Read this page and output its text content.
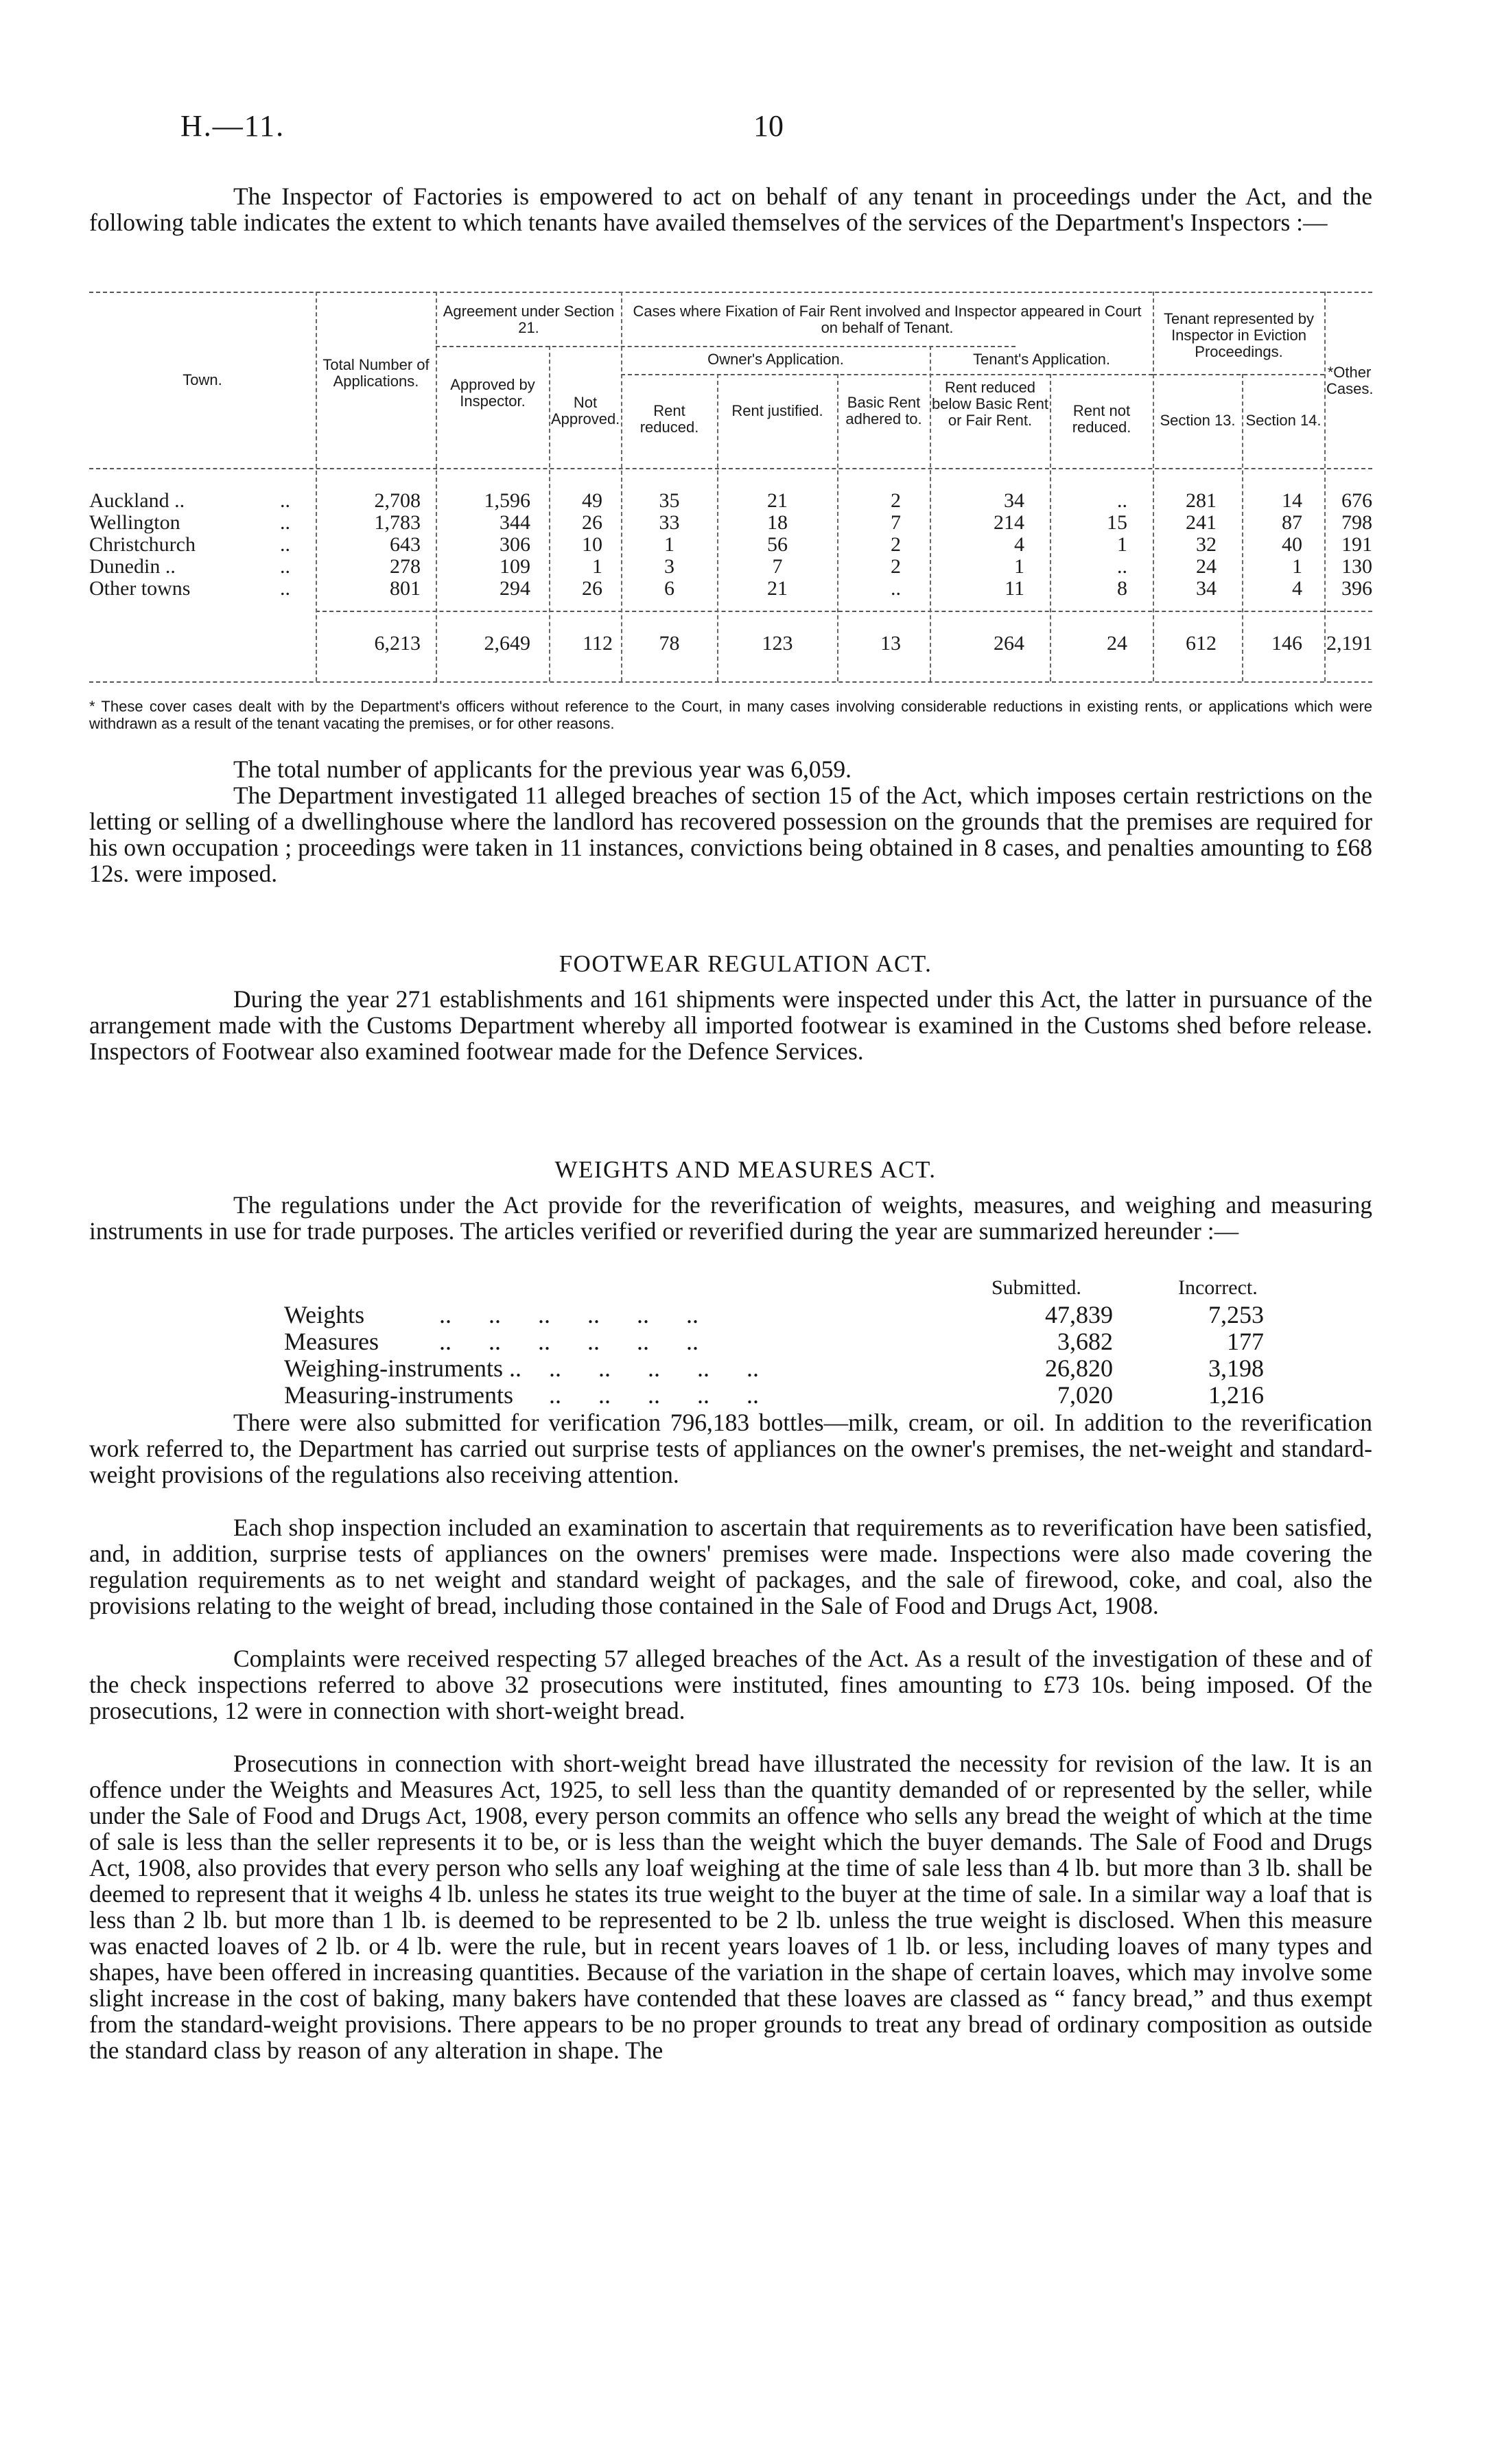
H.—11.	10

The Inspector of Factories is empowered to act on behalf of any tenant in proceedings under the Act, and the following table indicates the extent to which tenants have availed themselves of the services of the Department's Inspectors :—

Town.
Total Number of Applications.
Agreement under Section 21.
Approved by Inspector.	Not Approved.
Cases where Fixation of Fair Rent involved and Inspector appeared in Court on behalf of Tenant.
Owner's Application.	Tenant's Application.
Rent reduced.
Rent justified.	Basic Rent adhered to.
Rent reduced below Basic Rent or Fair Rent.
Rent not reduced.
Tenant represented by Inspector in Eviction Proceedings.
Section 13. Section 14.
*Other Cases.
Auckland ..	..	2,708	1,596	49	35	21	2	34	..	281	14	676
Wellington	..	1,783	344	26	33	18	7	214	15	241	87	798
Christchurch	..	643	306	10	1	56	2	4	1	32	40	191
Dunedin ..	..	278	109	1	3	7	2	1	..	24	1	130
Other towns	..	801	294	26	6	21	..	11	8	34	4	396
6,213	2,649	112	78	123	13	264	24	612	146 2,191

* These cover cases dealt with by the Department's officers without reference to the Court, in many cases involving considerable reductions in existing rents, or applications which were withdrawn as a result of the tenant vacating the premises, or for other reasons.

The total number of applicants for the previous year was 6,059.

The Department investigated 11 alleged breaches of section 15 of the Act, which imposes certain restrictions on the letting or selling of a dwellinghouse where the landlord has recovered possession on the grounds that the premises are required for his own occupation ; proceedings were taken in 11 instances, convictions being obtained in 8 cases, and penalties amounting to £68 12s. were imposed.

FOOTWEAR REGULATION ACT.

During the year 271 establishments and 161 shipments were inspected under this Act, the latter in pursuance of the arrangement made with the Customs Department whereby all imported footwear is examined in the Customs shed before release. Inspectors of Footwear also examined footwear made for the Defence Services.

WEIGHTS AND MEASURES ACT.

The regulations under the Act provide for the reverification of weights, measures, and weighing and measuring instruments in use for trade purposes. The articles verified or reverified during the year are summarized hereunder :—

Submitted.	Incorrect.
Weights	..      ..      ..      ..      ..      ..	47,839	7,253
Measures ..      ..      ..      ..      ..      ..	3,682	177
Weighing-instruments .. ..      ..      ..      ..      ..	26,820	3,198
Measuring-instruments ..      ..      ..      ..      ..	7,020	1,216

There were also submitted for verification 796,183 bottles—milk, cream, or oil. In addition to the reverification work referred to, the Department has carried out surprise tests of appliances on the owner's premises, the net-weight and standard-weight provisions of the regulations also receiving attention.

Each shop inspection included an examination to ascertain that requirements as to reverification have been satisfied, and, in addition, surprise tests of appliances on the owners' premises were made. Inspections were also made covering the regulation requirements as to net weight and standard weight of packages, and the sale of firewood, coke, and coal, also the provisions relating to the weight of bread, including those contained in the Sale of Food and Drugs Act, 1908.

Complaints were received respecting 57 alleged breaches of the Act. As a result of the investigation of these and of the check inspections referred to above 32 prosecutions were instituted, fines amounting to £73 10s. being imposed. Of the prosecutions, 12 were in connection with short-weight bread.

Prosecutions in connection with short-weight bread have illustrated the necessity for revision of the law. It is an offence under the Weights and Measures Act, 1925, to sell less than the quantity demanded of or represented by the seller, while under the Sale of Food and Drugs Act, 1908, every person commits an offence who sells any bread the weight of which at the time of sale is less than the seller represents it to be, or is less than the weight which the buyer demands. The Sale of Food and Drugs Act, 1908, also provides that every person who sells any loaf weighing at the time of sale less than 4 lb. but more than 3 lb. shall be deemed to represent that it weighs 4 lb. unless he states its true weight to the buyer at the time of sale. In a similar way a loaf that is less than 2 lb. but more than 1 lb. is deemed to be represented to be 2 lb. unless the true weight is disclosed. When this measure was enacted loaves of 2 lb. or 4 lb. were the rule, but in recent years loaves of 1 lb. or less, including loaves of many types and shapes, have been offered in increasing quantities. Because of the variation in the shape of certain loaves, which may involve some slight increase in the cost of baking, many bakers have contended that these loaves are classed as “ fancy bread,” and thus exempt from the standard-weight provisions. There appears to be no proper grounds to treat any bread of ordinary composition as outside the standard class by reason of any alteration in shape. The
